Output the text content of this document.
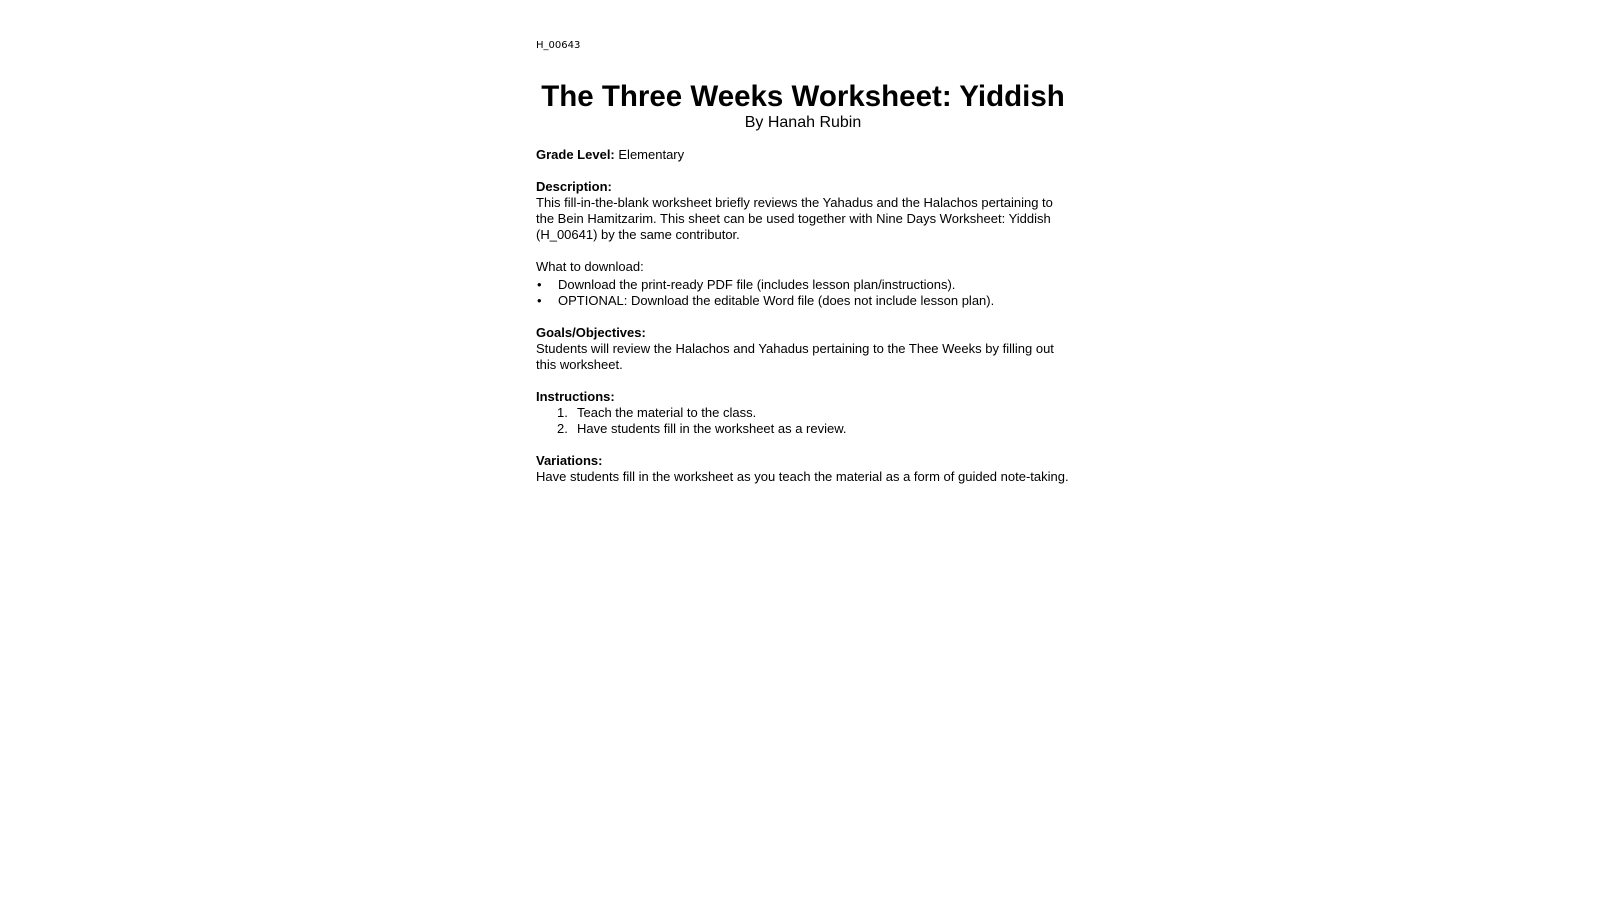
H_00643
The Three Weeks Worksheet: Yiddish
By Hanah Rubin
Grade Level: Elementary
Description:
This fill-in-the-blank worksheet briefly reviews the Yahadus and the Halachos pertaining to the Bein Hamitzarim. This sheet can be used together with Nine Days Worksheet: Yiddish (H_00641) by the same contributor.
What to download:
• Download the print-ready PDF file (includes lesson plan/instructions).
• OPTIONAL: Download the editable Word file (does not include lesson plan).
Goals/Objectives:
Students will review the Halachos and Yahadus pertaining to the Thee Weeks by filling out this worksheet.
Instructions:
1. Teach the material to the class.
2. Have students fill in the worksheet as a review.
Variations:
Have students fill in the worksheet as you teach the material as a form of guided note-taking.
